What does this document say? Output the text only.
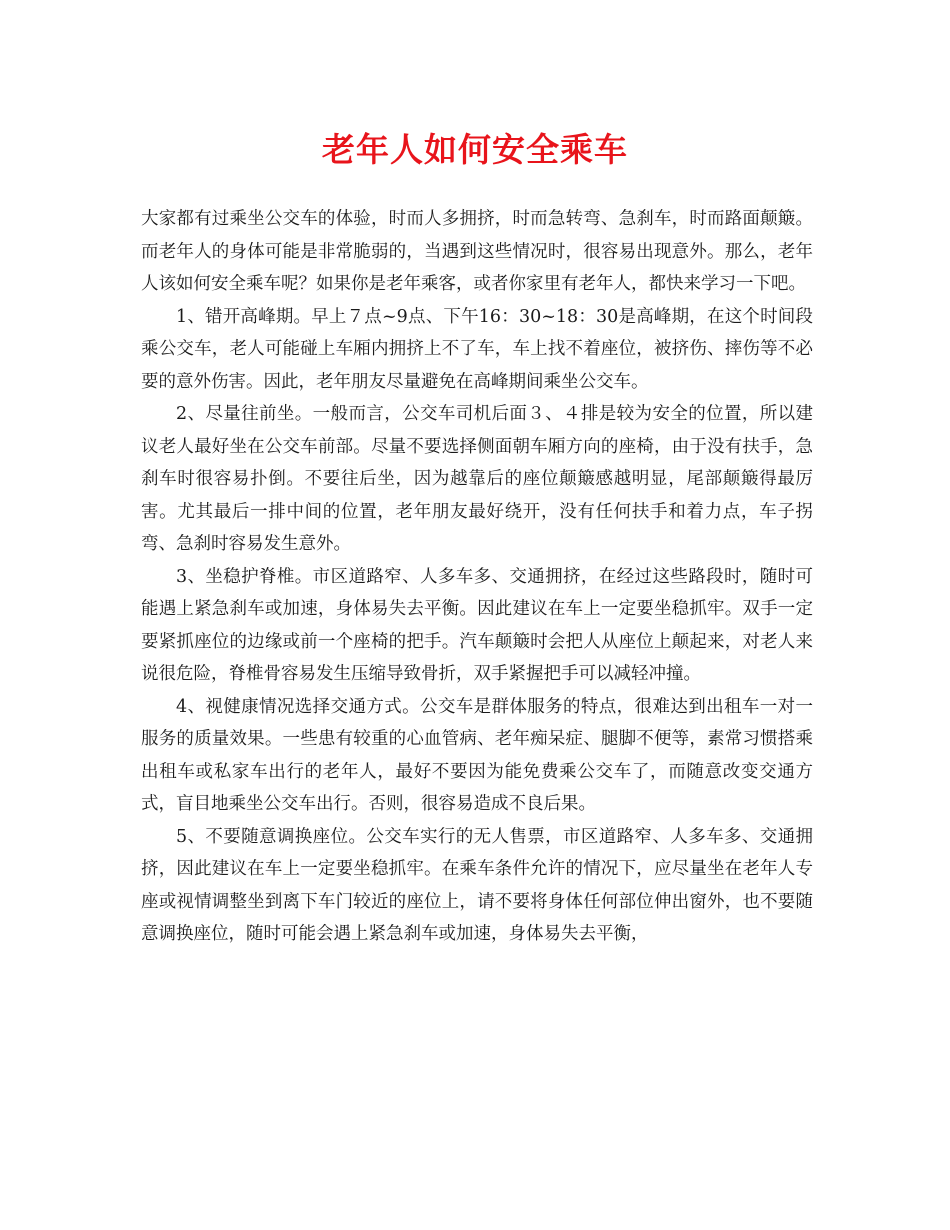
老年人如何安全乘车

大家都有过乘坐公交车的体验，时而人多拥挤，时而急转弯、急刹车，时而路面颠簸。而老年人的身体可能是非常脆弱的，当遇到这些情况时，很容易出现意外。那么，老年人该如何安全乘车呢？如果你是老年乘客，或者你家里有老年人，都快来学习一下吧。

1、错开高峰期。早上７点~9点、下午16：30~18：30是高峰期，在这个时间段乘公交车，老人可能碰上车厢内拥挤上不了车，车上找不着座位，被挤伤、摔伤等不必要的意外伤害。因此，老年朋友尽量避免在高峰期间乘坐公交车。

2、尽量往前坐。一般而言，公交车司机后面３、４排是较为安全的位置，所以建议老人最好坐在公交车前部。尽量不要选择侧面朝车厢方向的座椅，由于没有扶手，急刹车时很容易扑倒。不要往后坐，因为越靠后的座位颠簸感越明显，尾部颠簸得最厉害。尤其最后一排中间的位置，老年朋友最好绕开，没有任何扶手和着力点，车子拐弯、急刹时容易发生意外。

3、坐稳护脊椎。市区道路窄、人多车多、交通拥挤，在经过这些路段时，随时可能遇上紧急刹车或加速，身体易失去平衡。因此建议在车上一定要坐稳抓牢。双手一定要紧抓座位的边缘或前一个座椅的把手。汽车颠簸时会把人从座位上颠起来，对老人来说很危险，脊椎骨容易发生压缩导致骨折，双手紧握把手可以减轻冲撞。

4、视健康情况选择交通方式。公交车是群体服务的特点，很难达到出租车一对一服务的质量效果。一些患有较重的心血管病、老年痴呆症、腿脚不便等，素常习惯搭乘出租车或私家车出行的老年人，最好不要因为能免费乘公交车了，而随意改变交通方式，盲目地乘坐公交车出行。否则，很容易造成不良后果。

5、不要随意调换座位。公交车实行的无人售票，市区道路窄、人多车多、交通拥挤，因此建议在车上一定要坐稳抓牢。在乘车条件允许的情况下，应尽量坐在老年人专座或视情调整坐到离下车门较近的座位上，请不要将身体任何部位伸出窗外，也不要随意调换座位，随时可能会遇上紧急刹车或加速，身体易失去平衡，
